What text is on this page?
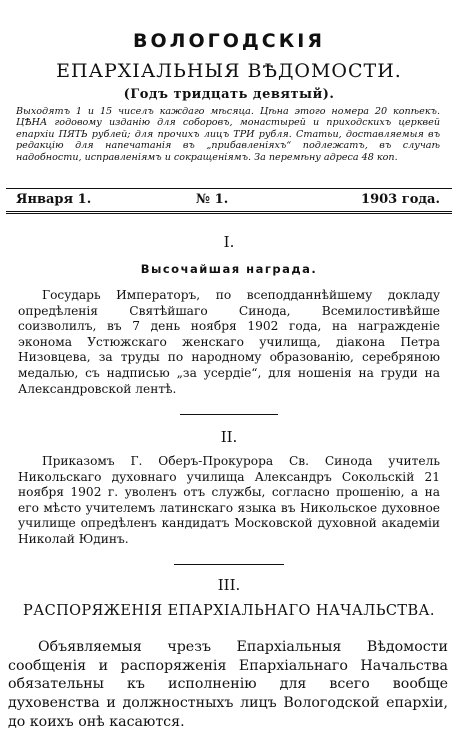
ВОЛОГОДСКІЯ
ЕПАРХІАЛЬНЫЯ ВѢДОМОСТИ.
(Годъ тридцать девятый).
Выходятъ 1 и 15 чиселъ каждаго мѣсяца. Цѣна этого номера 20 копѣекъ. ЦѢНА годовому изданію для соборовъ, монастырей и приходскихъ церквей епархіи ПЯТЬ рублей; для прочихъ лицъ ТРИ рубля. Статьи, доставляемыя въ редакцію для напечатанія въ „прибавленіяхъ“ подлежатъ, въ случаѣ надобности, исправленіямъ и сокращеніямъ. За перемѣну адреса 48 коп.
Января 1.	№ 1.	1903 года.
I.
Высочайшая награда.

Государь Императоръ, по всеподданнѣйшему докладу опредѣленія Святѣйшаго Синода, Всемилостивѣйше соизволилъ, въ 7 день ноября 1902 года, на награжденіе эконома Устюжскаго женскаго училища, діакона Петра Низовцева, за труды по народному образованію, серебряною медалью, съ надписью „за усердіе“, для ношенія на груди на Александровской лентѣ.

II.

Приказомъ Г. Оберъ-Прокурора Св. Синода учитель Никольскаго духовнаго училища Александръ Сокольскій 21 ноября 1902 г. уволенъ отъ службы, согласно прошенію, а на его мѣсто учителемъ латинскаго языка въ Никольское духовное училище опредѣленъ кандидатъ Московской духовной академіи Николай Юдинъ.

III.
РАСПОРЯЖЕНІЯ ЕПАРХІАЛЬНАГО НАЧАЛЬСТВА.

Объявляемыя чрезъ Епархіальныя Вѣдомости сообщенія и распоряженія Епархіальнаго Начальства обязательны къ исполненію для всего вообще духовенства и должностныхъ лицъ Вологодской епархіи, до коихъ онѣ касаются.
